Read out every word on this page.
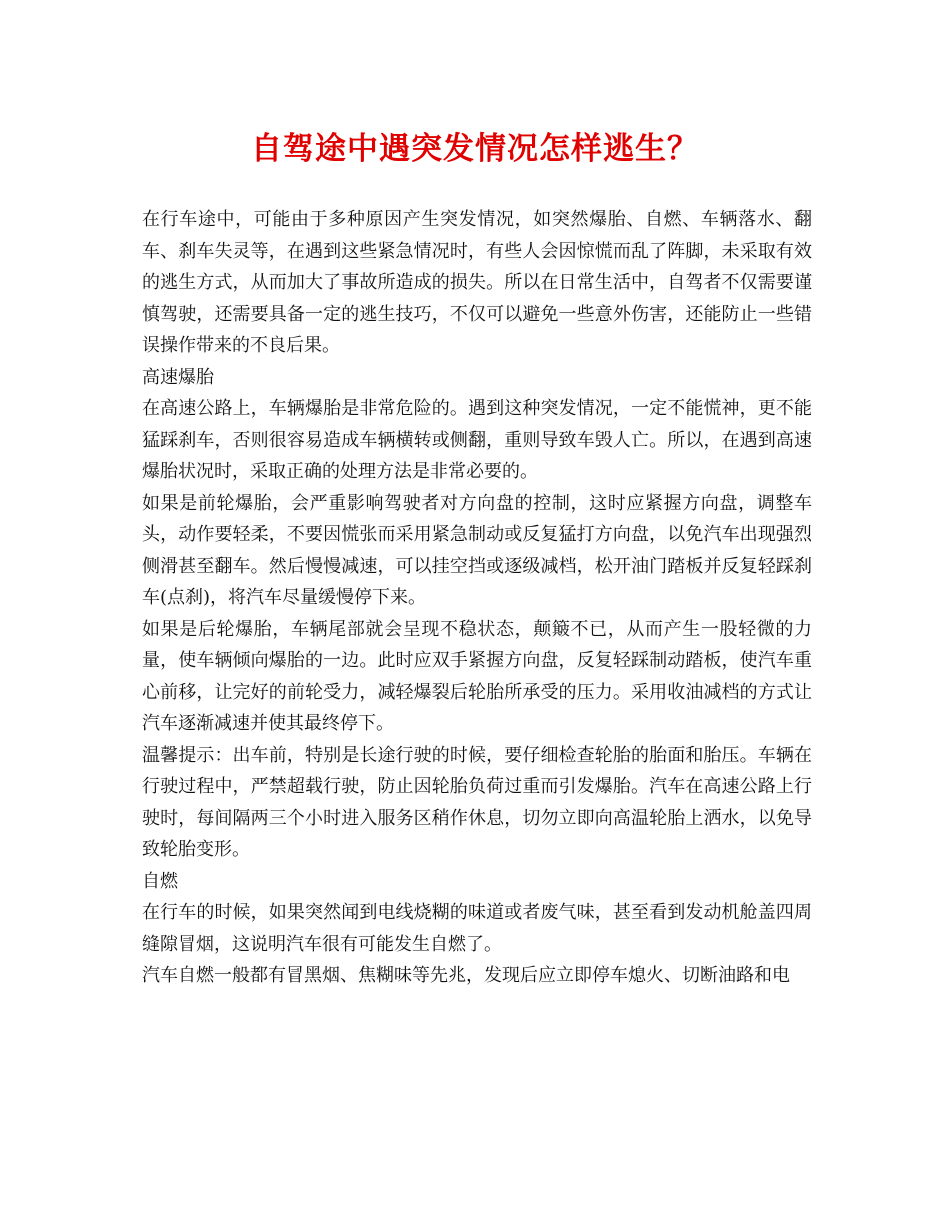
自驾途中遇突发情况怎样逃生？

在行车途中，可能由于多种原因产生突发情况，如突然爆胎、自燃、车辆落水、翻车、刹车失灵等，在遇到这些紧急情况时，有些人会因惊慌而乱了阵脚，未采取有效的逃生方式，从而加大了事故所造成的损失。所以在日常生活中，自驾者不仅需要谨慎驾驶，还需要具备一定的逃生技巧，不仅可以避免一些意外伤害，还能防止一些错误操作带来的不良后果。

高速爆胎

在高速公路上，车辆爆胎是非常危险的。遇到这种突发情况，一定不能慌神，更不能猛踩刹车，否则很容易造成车辆横转或侧翻，重则导致车毁人亡。所以，在遇到高速爆胎状况时，采取正确的处理方法是非常必要的。

如果是前轮爆胎，会严重影响驾驶者对方向盘的控制，这时应紧握方向盘，调整车头，动作要轻柔，不要因慌张而采用紧急制动或反复猛打方向盘，以免汽车出现强烈侧滑甚至翻车。然后慢慢减速，可以挂空挡或逐级减档，松开油门踏板并反复轻踩刹车(点刹)，将汽车尽量缓慢停下来。

如果是后轮爆胎，车辆尾部就会呈现不稳状态，颠簸不已，从而产生一股轻微的力量，使车辆倾向爆胎的一边。此时应双手紧握方向盘，反复轻踩制动踏板，使汽车重心前移，让完好的前轮受力，减轻爆裂后轮胎所承受的压力。采用收油减档的方式让汽车逐渐减速并使其最终停下。

温馨提示：出车前，特别是长途行驶的时候，要仔细检查轮胎的胎面和胎压。车辆在行驶过程中，严禁超载行驶，防止因轮胎负荷过重而引发爆胎。汽车在高速公路上行驶时，每间隔两三个小时进入服务区稍作休息，切勿立即向高温轮胎上洒水，以免导致轮胎变形。

自燃

在行车的时候，如果突然闻到电线烧糊的味道或者废气味，甚至看到发动机舱盖四周缝隙冒烟，这说明汽车很有可能发生自燃了。

汽车自燃一般都有冒黑烟、焦糊味等先兆，发现后应立即停车熄火、切断油路和电
